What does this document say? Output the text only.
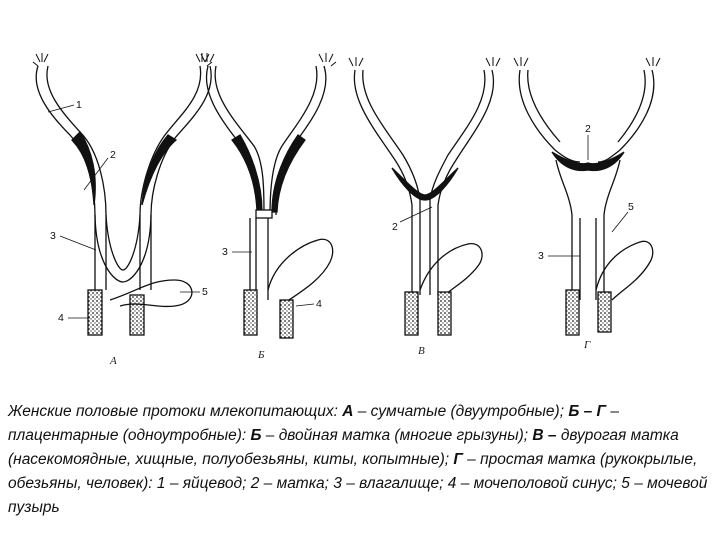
1
2
3
4
5
А
3
4
Б
2
В
2
3
5
Г
Женские половые протоки млекопитающих: А – сумчатые (двуутробные); Б – Г – плацентарные (одноутробные): Б – двойная матка (многие грызуны); В – двурогая матка (насекомоядные, хищные, полуобезьяны, киты, копытные); Г – простая матка (рукокрылые, обезьяны, человек): 1 – яйцевод; 2 – матка; 3 – влагалище; 4 – мочеполовой синус; 5 – мочевой пузырь
